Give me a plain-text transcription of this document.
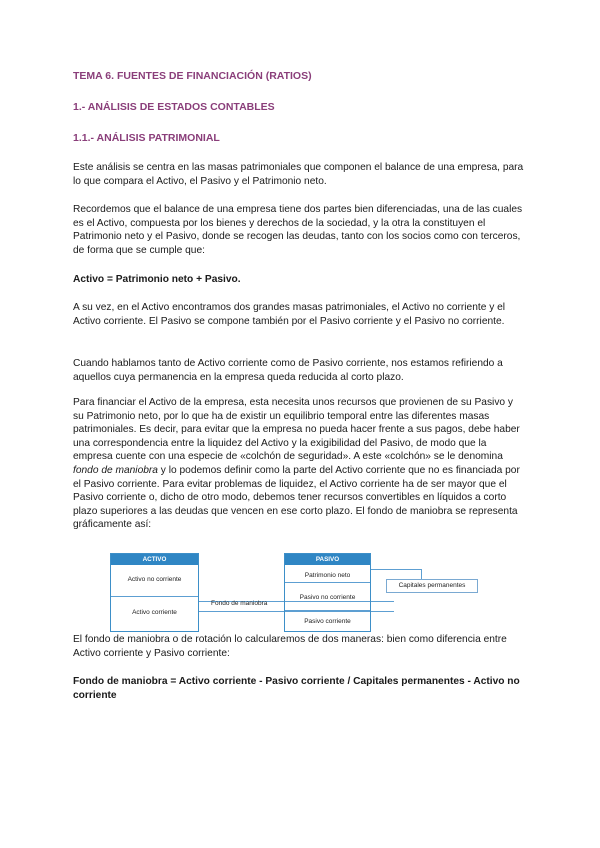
TEMA 6. FUENTES DE FINANCIACIÓN (RATIOS)
1.- ANÁLISIS DE ESTADOS CONTABLES
1.1.- ANÁLISIS PATRIMONIAL

Este análisis se centra en las masas patrimoniales que componen el balance de una empresa, para lo que compara el Activo, el Pasivo y el Patrimonio neto.

Recordemos que el balance de una empresa tiene dos partes bien diferenciadas, una de las cuales es el Activo, compuesta por los bienes y derechos de la sociedad, y la otra la constituyen el Patrimonio neto y el Pasivo, donde se recogen las deudas, tanto con los socios como con terceros, de forma que se cumple que:

Activo = Patrimonio neto + Pasivo.

A su vez, en el Activo encontramos dos grandes masas patrimoniales, el Activo no corriente y el Activo corriente. El Pasivo se compone también por el Pasivo corriente y el Pasivo no corriente.

Cuando hablamos tanto de Activo corriente como de Pasivo corriente, nos estamos refiriendo a aquellos cuya permanencia en la empresa queda reducida al corto plazo.

Para financiar el Activo de la empresa, esta necesita unos recursos que provienen de su Pasivo y su Patrimonio neto, por lo que ha de existir un equilibrio temporal entre las diferentes masas patrimoniales. Es decir, para evitar que la empresa no pueda hacer frente a sus pagos, debe haber una correspondencia entre la liquidez del Activo y la exigibilidad del Pasivo, de modo que la empresa cuente con una especie de «colchón de seguridad». A este «colchón» se le denomina fondo de maniobra y lo podemos definir como la parte del Activo corriente que no es financiada por el Pasivo corriente. Para evitar problemas de liquidez, el Activo corriente ha de ser mayor que el Pasivo corriente o, dicho de otro modo, debemos tener recursos convertibles en líquidos a corto plazo superiores a las deudas que vencen en ese corto plazo. El fondo de maniobra se representa gráficamente así:

El fondo de maniobra o de rotación lo calcularemos de dos maneras: bien como diferencia entre Activo corriente y Pasivo corriente:

Fondo de maniobra = Activo corriente - Pasivo corriente / Capitales permanentes - Activo no corriente

ACTIVO
Activo no corriente
Activo corriente
Fondo de maniobra
PASIVO
Patrimonio neto
Pasivo no corriente
Pasivo corriente
Capitales permanentes
